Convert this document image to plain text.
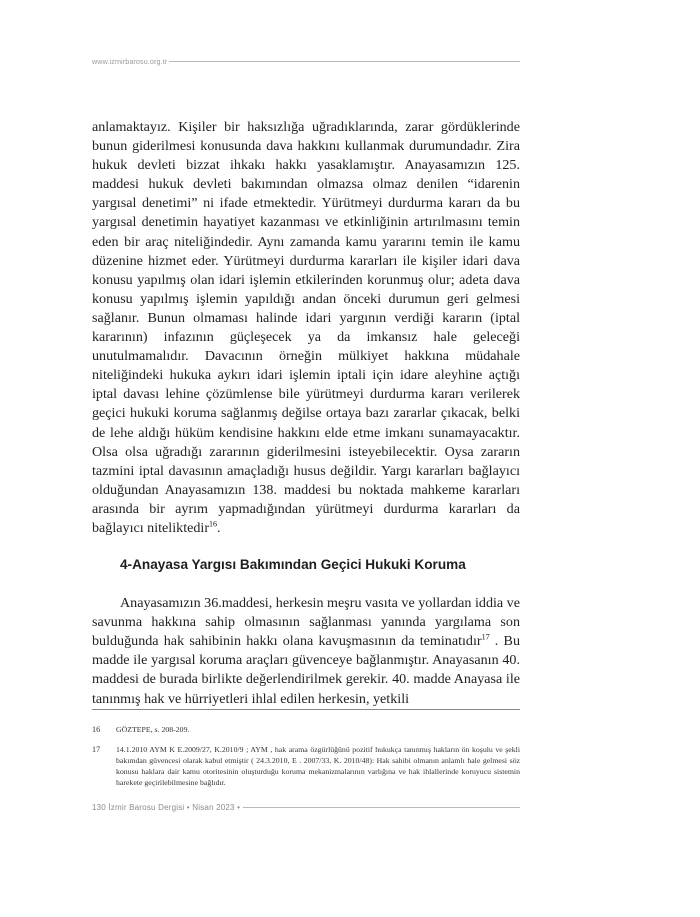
www.izmirbarosu.org.tr

anlamaktayız. Kişiler bir haksızlığa uğradıklarında, zarar gördüklerinde bunun giderilmesi konusunda dava hakkını kullanmak durumundadır. Zira hukuk devleti bizzat ihkakı hakkı yasaklamıştır. Anayasamızın 125. maddesi hukuk devleti bakımından olmazsa olmaz denilen “idarenin yargısal denetimi” ni ifade etmektedir. Yürütmeyi durdurma kararı da bu yargısal denetimin hayatiyet kazanması ve etkinliğinin artırılmasını temin eden bir araç niteliğindedir. Aynı zamanda kamu yararını temin ile kamu düzenine hizmet eder. Yürütmeyi durdurma kararları ile kişiler idari dava konusu yapılmış olan idari işlemin etkilerinden korunmuş olur; adeta dava konusu yapılmış işlemin yapıldığı andan önceki durumun geri gelmesi sağlanır. Bunun olmaması halinde idari yargının verdiği kararın (iptal kararının) infazının güçleşecek ya da imkansız hale geleceği unutulmamalıdır. Davacının örneğin mülkiyet hakkına müdahale niteliğindeki hukuka aykırı idari işlemin iptali için idare aleyhine açtığı iptal davası lehine çözümlense bile yürütmeyi durdurma kararı verilerek geçici hukuki koruma sağlanmış değilse ortaya bazı zararlar çıkacak, belki de lehe aldığı hüküm kendisine hakkını elde etme imkanı sunamayacaktır. Olsa olsa uğradığı zararının giderilmesini isteyebilecektir. Oysa zararın tazmini iptal davasının amaçladığı husus değildir. Yargı kararları bağlayıcı olduğundan Anayasamızın 138. maddesi bu noktada mahkeme kararları arasında bir ayrım yapmadığından yürütmeyi durdurma kararları da bağlayıcı niteliktedir$^{16}$.

4-Anayasa Yargısı Bakımından Geçici Hukuki Koruma

Anayasamızın 36.maddesi, herkesin meşru vasıta ve yollardan iddia ve savunma hakkına sahip olmasının sağlanması yanında yargılama son bulduğunda hak sahibinin hakkı olana kavuşmasının da teminatıdır$^{17}$ . Bu madde ile yargısal koruma araçları güvenceye bağlanmıştır. Anayasanın 40. maddesi de burada birlikte değerlendirilmek gerekir. 40. madde Anayasa ile tanınmış hak ve hürriyetleri ihlal edilen herkesin, yetkili

16 GÖZTEPE, s. 208-209.
17 14.1.2010 AYM K E.2009/27, K.2010/9 ; AYM , hak arama özgürlüğünü pozitif hukukça tanınmış hakların ön koşulu ve şekli bakımdan güvencesi olarak kabul etmiştir ( 24.3.2010, E . 2007/33, K. 2010/48): Hak sahibi olmanın anlamlı hale gelmesi söz konusu haklara dair kamu otoritesinin oluşturduğu koruma mekanizmalarının varlığına ve hak ihlallerinde koruyucu sistemin harekete geçirilebilmesine bağlıdır.
130 İzmir Barosu Dergisi • Nisan 2023 •
